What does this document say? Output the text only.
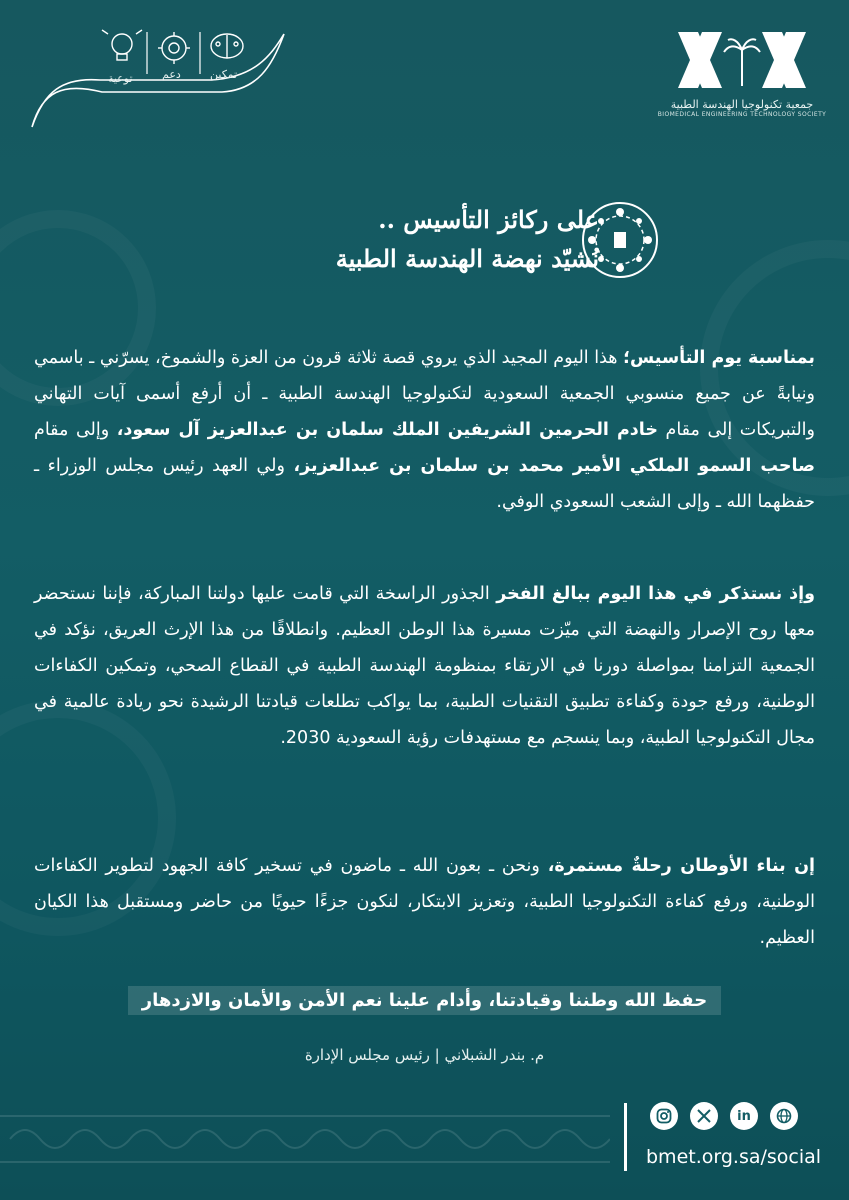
تمكين
دعم
توعية
جمعية تكنولوجيا الهندسة الطبية
BIOMEDICAL ENGINEERING TECHNOLOGY SOCIETY
على ركائز التأسيس ..
نُشيّد نهضة الهندسة الطبية

بمناسبة يوم التأسيس؛ هذا اليوم المجيد الذي يروي قصة ثلاثة قرون من العزة والشموخ، يسرّني ـ باسمي ونيابةً عن جميع منسوبي الجمعية السعودية لتكنولوجيا الهندسة الطبية ـ أن أرفع أسمى آيات التهاني والتبريكات إلى مقام خادم الحرمين الشريفين الملك سلمان بن عبدالعزيز آل سعود، وإلى مقام صاحب السمو الملكي الأمير محمد بن سلمان بن عبدالعزيز، ولي العهد رئيس مجلس الوزراء ـ حفظهما الله ـ وإلى الشعب السعودي الوفي.

وإذ نستذكر في هذا اليوم ببالغ الفخر الجذور الراسخة التي قامت عليها دولتنا المباركة، فإننا نستحضر معها روح الإصرار والنهضة التي ميّزت مسيرة هذا الوطن العظيم. وانطلاقًا من هذا الإرث العريق، نؤكد في الجمعية التزامنا بمواصلة دورنا في الارتقاء بمنظومة الهندسة الطبية في القطاع الصحي، وتمكين الكفاءات الوطنية، ورفع جودة وكفاءة تطبيق التقنيات الطبية، بما يواكب تطلعات قيادتنا الرشيدة نحو ريادة عالمية في مجال التكنولوجيا الطبية، وبما ينسجم مع مستهدفات رؤية السعودية 2030.

إن بناء الأوطان رحلةٌ مستمرة، ونحن ـ بعون الله ـ ماضون في تسخير كافة الجهود لتطوير الكفاءات الوطنية، ورفع كفاءة التكنولوجيا الطبية، وتعزيز الابتكار، لنكون جزءًا حيويًا من حاضر ومستقبل هذا الكيان العظيم.

حفظ الله وطننا وقيادتنا، وأدام علينا نعم الأمن والأمان والازدهار
م. بندر الشبلاني | رئيس مجلس الإدارة
in
bmet.org.sa/social
